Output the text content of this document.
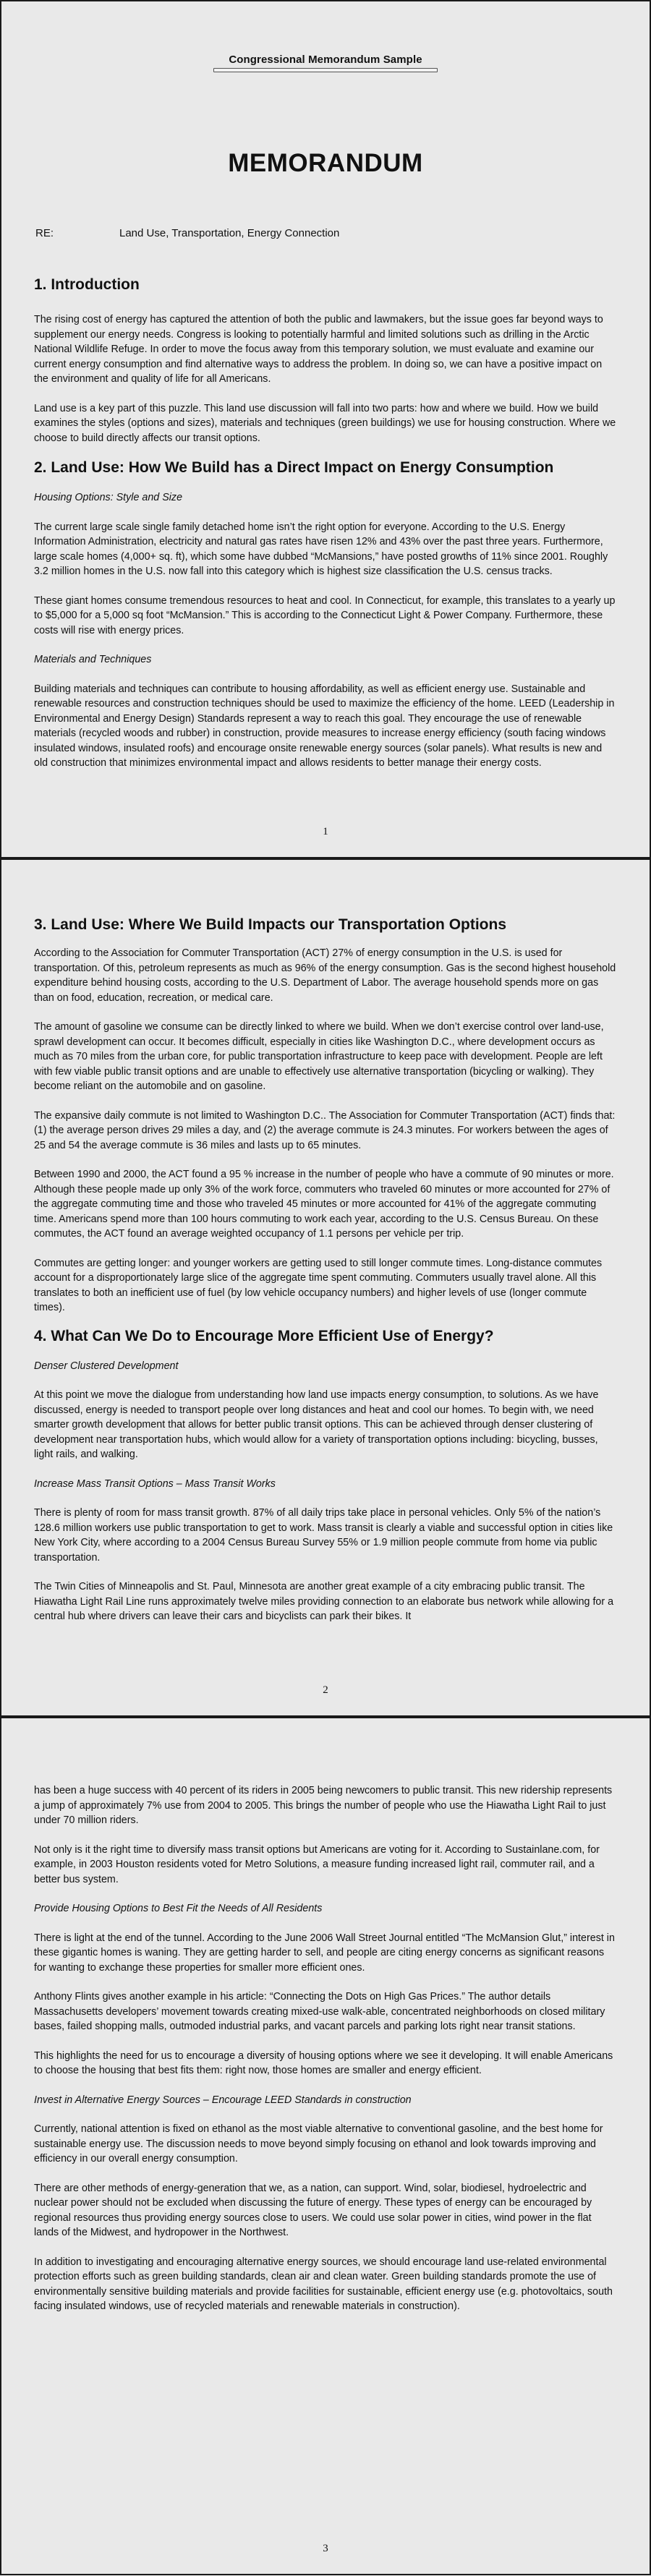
Congressional Memorandum Sample
MEMORANDUM
RE:	Land Use, Transportation, Energy Connection
1. Introduction

The rising cost of energy has captured the attention of both the public and lawmakers, but the issue goes far beyond ways to supplement our energy needs. Congress is looking to potentially harmful and limited solutions such as drilling in the Arctic National Wildlife Refuge. In order to move the focus away from this temporary solution, we must evaluate and examine our current energy consumption and find alternative ways to address the problem. In doing so, we can have a positive impact on the environment and quality of life for all Americans.

Land use is a key part of this puzzle. This land use discussion will fall into two parts: how and where we build. How we build examines the styles (options and sizes), materials and techniques (green buildings) we use for housing construction. Where we choose to build directly affects our transit options.

2. Land Use: How We Build has a Direct Impact on Energy Consumption

Housing Options: Style and Size

The current large scale single family detached home isn’t the right option for everyone. According to the U.S. Energy Information Administration, electricity and natural gas rates have risen 12% and 43% over the past three years. Furthermore, large scale homes (4,000+ sq. ft), which some have dubbed “McMansions,” have posted growths of 11% since 2001. Roughly 3.2 million homes in the U.S. now fall into this category which is highest size classification the U.S. census tracks.

These giant homes consume tremendous resources to heat and cool. In Connecticut, for example, this translates to a yearly up to $5,000 for a 5,000 sq foot “McMansion.” This is according to the Connecticut Light & Power Company. Furthermore, these costs will rise with energy prices.

Materials and Techniques

Building materials and techniques can contribute to housing affordability, as well as efficient energy use. Sustainable and renewable resources and construction techniques should be used to maximize the efficiency of the home. LEED (Leadership in Environmental and Energy Design) Standards represent a way to reach this goal. They encourage the use of renewable materials (recycled woods and rubber) in construction, provide measures to increase energy efficiency (south facing windows insulated windows, insulated roofs) and encourage onsite renewable energy sources (solar panels). What results is new and old construction that minimizes environmental impact and allows residents to better manage their energy costs.

1
3. Land Use: Where We Build Impacts our Transportation Options

According to the Association for Commuter Transportation (ACT) 27% of energy consumption in the U.S. is used for transportation. Of this, petroleum represents as much as 96% of the energy consumption. Gas is the second highest household expenditure behind housing costs, according to the U.S. Department of Labor. The average household spends more on gas than on food, education, recreation, or medical care.

The amount of gasoline we consume can be directly linked to where we build. When we don’t exercise control over land-use, sprawl development can occur. It becomes difficult, especially in cities like Washington D.C., where development occurs as much as 70 miles from the urban core, for public transportation infrastructure to keep pace with development. People are left with few viable public transit options and are unable to effectively use alternative transportation (bicycling or walking). They become reliant on the automobile and on gasoline.

The expansive daily commute is not limited to Washington D.C.. The Association for Commuter Transportation (ACT) finds that: (1) the average person drives 29 miles a day, and (2) the average commute is 24.3 minutes. For workers between the ages of 25 and 54 the average commute is 36 miles and lasts up to 65 minutes.

Between 1990 and 2000, the ACT found a 95 % increase in the number of people who have a commute of 90 minutes or more. Although these people made up only 3% of the work force, commuters who traveled 60 minutes or more accounted for 27% of the aggregate commuting time and those who traveled 45 minutes or more accounted for 41% of the aggregate commuting time. Americans spend more than 100 hours commuting to work each year, according to the U.S. Census Bureau. On these commutes, the ACT found an average weighted occupancy of 1.1 persons per vehicle per trip.

Commutes are getting longer: and younger workers are getting used to still longer commute times. Long-distance commutes account for a disproportionately large slice of the aggregate time spent commuting. Commuters usually travel alone. All this translates to both an inefficient use of fuel (by low vehicle occupancy numbers) and higher levels of use (longer commute times).

4. What Can We Do to Encourage More Efficient Use of Energy?

Denser Clustered Development

At this point we move the dialogue from understanding how land use impacts energy consumption, to solutions. As we have discussed, energy is needed to transport people over long distances and heat and cool our homes. To begin with, we need smarter growth development that allows for better public transit options. This can be achieved through denser clustering of development near transportation hubs, which would allow for a variety of transportation options including: bicycling, busses, light rails, and walking.

Increase Mass Transit Options – Mass Transit Works

There is plenty of room for mass transit growth. 87% of all daily trips take place in personal vehicles. Only 5% of the nation’s 128.6 million workers use public transportation to get to work. Mass transit is clearly a viable and successful option in cities like New York City, where according to a 2004 Census Bureau Survey 55% or 1.9 million people commute from home via public transportation.

The Twin Cities of Minneapolis and St. Paul, Minnesota are another great example of a city embracing public transit. The Hiawatha Light Rail Line runs approximately twelve miles providing connection to an elaborate bus network while allowing for a central hub where drivers can leave their cars and bicyclists can park their bikes. It

2

has been a huge success with 40 percent of its riders in 2005 being newcomers to public transit. This new ridership represents a jump of approximately 7% use from 2004 to 2005. This brings the number of people who use the Hiawatha Light Rail to just under 70 million riders.

Not only is it the right time to diversify mass transit options but Americans are voting for it. According to Sustainlane.com, for example, in 2003 Houston residents voted for Metro Solutions, a measure funding increased light rail, commuter rail, and a better bus system.

Provide Housing Options to Best Fit the Needs of All Residents

There is light at the end of the tunnel. According to the June 2006 Wall Street Journal entitled “The McMansion Glut,” interest in these gigantic homes is waning. They are getting harder to sell, and people are citing energy concerns as significant reasons for wanting to exchange these properties for smaller more efficient ones.

Anthony Flints gives another example in his article: “Connecting the Dots on High Gas Prices.” The author details Massachusetts developers’ movement towards creating mixed-use walk-able, concentrated neighborhoods on closed military bases, failed shopping malls, outmoded industrial parks, and vacant parcels and parking lots right near transit stations.

This highlights the need for us to encourage a diversity of housing options where we see it developing. It will enable Americans to choose the housing that best fits them: right now, those homes are smaller and energy efficient.

Invest in Alternative Energy Sources – Encourage LEED Standards in construction

Currently, national attention is fixed on ethanol as the most viable alternative to conventional gasoline, and the best home for sustainable energy use. The discussion needs to move beyond simply focusing on ethanol and look towards improving and efficiency in our overall energy consumption.

There are other methods of energy-generation that we, as a nation, can support. Wind, solar, biodiesel, hydroelectric and nuclear power should not be excluded when discussing the future of energy. These types of energy can be encouraged by regional resources thus providing energy sources close to users. We could use solar power in cities, wind power in the flat lands of the Midwest, and hydropower in the Northwest.

In addition to investigating and encouraging alternative energy sources, we should encourage land use-related environmental protection efforts such as green building standards, clean air and clean water. Green building standards promote the use of environmentally sensitive building materials and provide facilities for sustainable, efficient energy use (e.g. photovoltaics, south facing insulated windows, use of recycled materials and renewable materials in construction).

3
